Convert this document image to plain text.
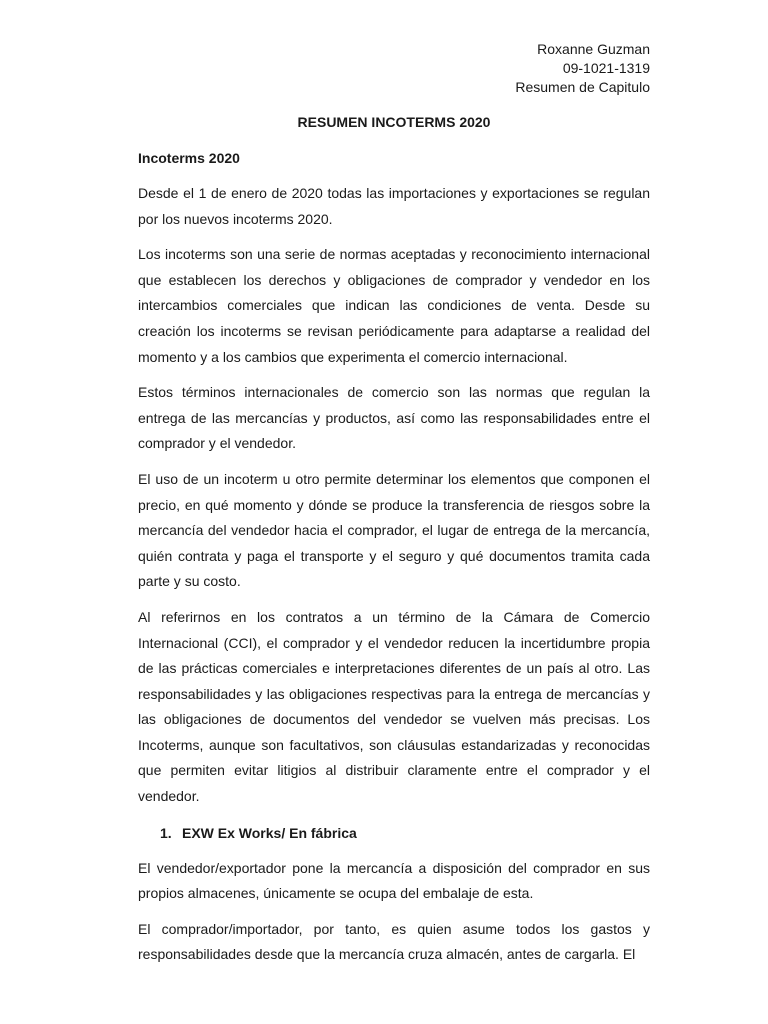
Roxanne Guzman
09-1021-1319
Resumen de Capitulo
RESUMEN INCOTERMS 2020
Incoterms 2020

Desde el 1 de enero de 2020 todas las importaciones y exportaciones se regulan por los nuevos incoterms 2020.

Los incoterms son una serie de normas aceptadas y reconocimiento internacional que establecen los derechos y obligaciones de comprador y vendedor en los intercambios comerciales que indican las condiciones de venta. Desde su creación los incoterms se revisan periódicamente para adaptarse a realidad del momento y a los cambios que experimenta el comercio internacional.

Estos términos internacionales de comercio son las normas que regulan la entrega de las mercancías y productos, así como las responsabilidades entre el comprador y el vendedor.

El uso de un incoterm u otro permite determinar los elementos que componen el precio, en qué momento y dónde se produce la transferencia de riesgos sobre la mercancía del vendedor hacia el comprador, el lugar de entrega de la mercancía, quién contrata y paga el transporte y el seguro y qué documentos tramita cada parte y su costo.

Al referirnos en los contratos a un término de la Cámara de Comercio Internacional (CCI), el comprador y el vendedor reducen la incertidumbre propia de las prácticas comerciales e interpretaciones diferentes de un país al otro. Las responsabilidades y las obligaciones respectivas para la entrega de mercancías y las obligaciones de documentos del vendedor se vuelven más precisas. Los Incoterms, aunque son facultativos, son cláusulas estandarizadas y reconocidas que permiten evitar litigios al distribuir claramente entre el comprador y el vendedor.

1. EXW Ex Works/ En fábrica

El vendedor/exportador pone la mercancía a disposición del comprador en sus propios almacenes, únicamente se ocupa del embalaje de esta.

El comprador/importador, por tanto, es quien asume todos los gastos y responsabilidades desde que la mercancía cruza almacén, antes de cargarla. El
